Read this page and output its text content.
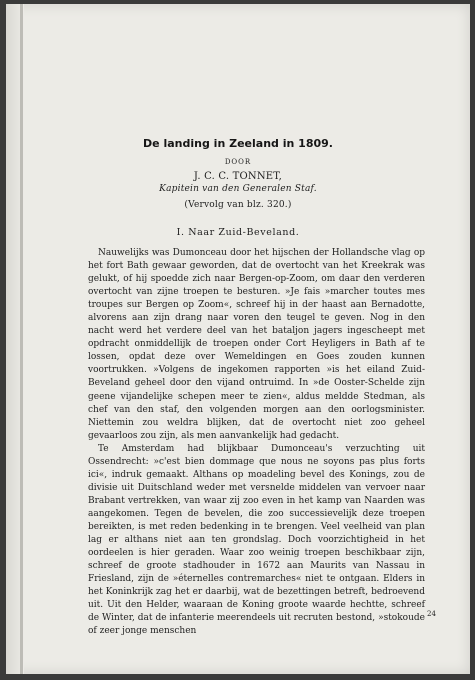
De landing in Zeeland in 1809.
DOOR
J. C. C. TONNET,
Kapitein van den Generalen Staf.
(Vervolg van blz. 320.)
I. Naar Zuid-Beveland.

Nauwelijks was Dumonceau door het hijschen der Hollandsche vlag op het fort Bath gewaar geworden, dat de overtocht van het Kreekrak was gelukt, of hij spoedde zich naar Bergen-op-Zoom, om daar den verderen overtocht van zijne troepen te besturen. »Je fais »marcher toutes mes troupes sur Bergen op Zoom«, schreef hij in der haast aan Bernadotte, alvorens aan zijn drang naar voren den teugel te geven. Nog in den nacht werd het verdere deel van het bataljon jagers ingescheept met opdracht onmiddellijk de troepen onder Cort Heyligers in Bath af te lossen, opdat deze over Wemeldingen en Goes zouden kunnen voortrukken. »Volgens de ingekomen rapporten »is het eiland Zuid-Beveland geheel door den vijand ontruimd. In »de Ooster-Schelde zijn geene vijandelijke schepen meer te zien«, aldus meldde Stedman, als chef van den staf, den volgenden morgen aan den oorlogsminister. Niettemin zou weldra blijken, dat de overtocht niet zoo geheel gevaarloos zou zijn, als men aanvankelijk had gedacht.

Te Amsterdam had blijkbaar Dumonceau's verzuchting uit Ossendrecht: »c'est bien dommage que nous ne soyons pas plus forts ici«, indruk gemaakt. Althans op moadeling bevel des Konings, zou de divisie uit Duitschland weder met versnelde middelen van vervoer naar Brabant vertrekken, van waar zij zoo even in het kamp van Naarden was aangekomen. Tegen de bevelen, die zoo successievelijk deze troepen bereikten, is met reden bedenking in te brengen. Veel veelheid van plan lag er althans niet aan ten grondslag. Doch voorzichtigheid in het oordeelen is hier geraden. Waar zoo weinig troepen beschikbaar zijn, schreef de groote stadhouder in 1672 aan Maurits van Nassau in Friesland, zijn de »éternelles contremarches« niet te ontgaan. Elders in het Koninkrijk zag het er daarbij, wat de bezettingen betreft, bedroevend uit. Uit den Helder, waaraan de Koning groote waarde hechtte, schreef de Winter, dat de infanterie meerendeels uit recruten bestond, »stokoude of zeer jonge menschen

24
